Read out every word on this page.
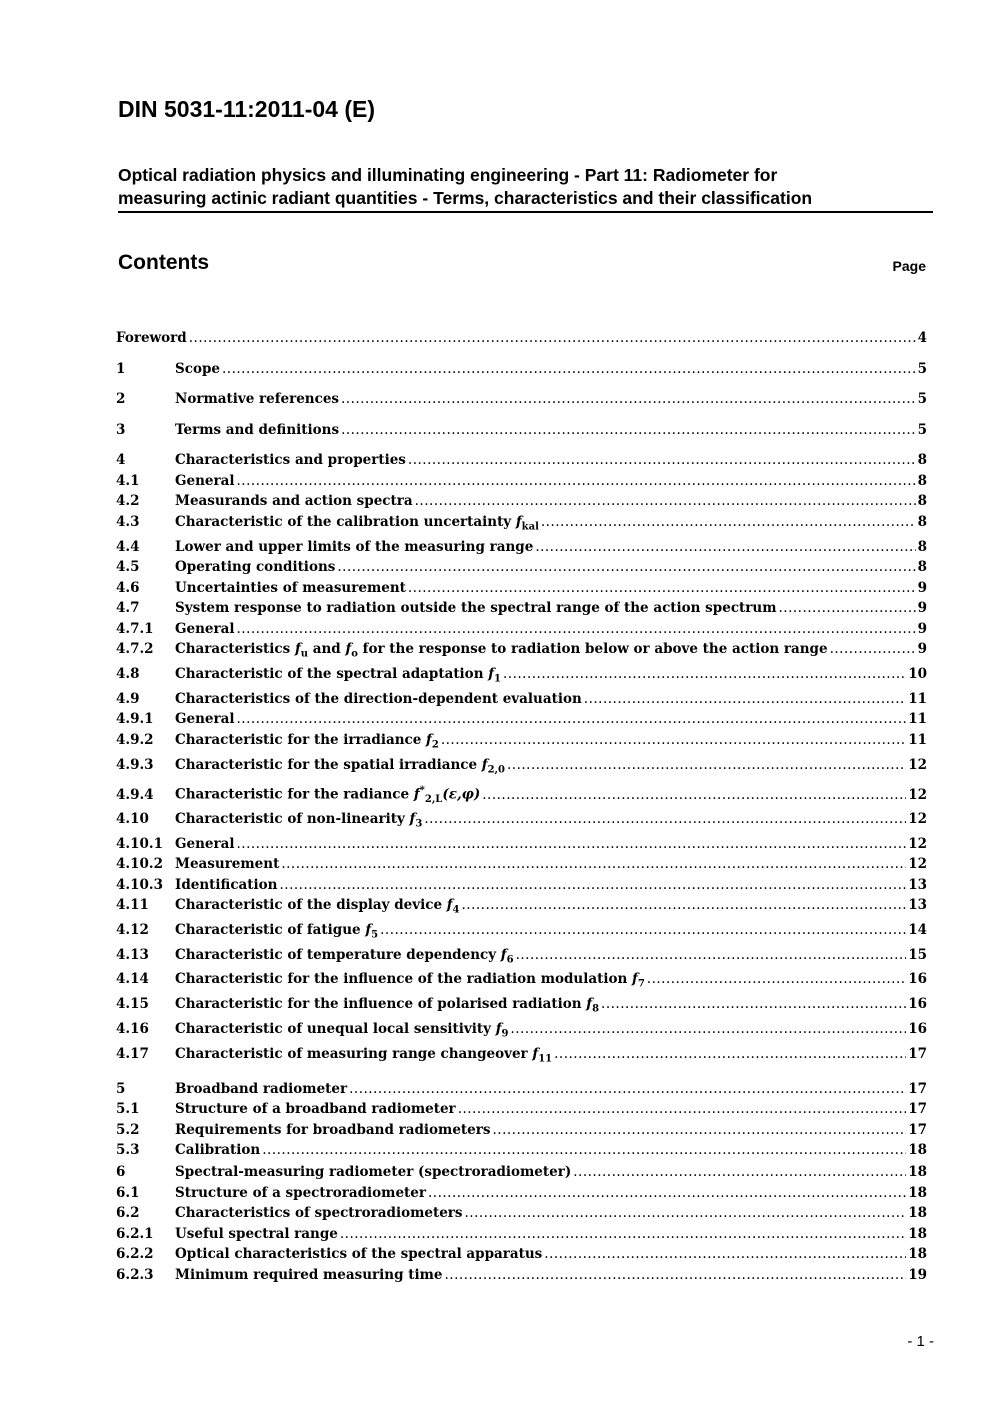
DIN 5031-11:2011-04 (E)
Optical radiation physics and illuminating engineering - Part 11: Radiometer for
measuring actinic radiant quantities - Terms, characteristics and their classification
Contents	Page
Foreword .....	4
1	Scope .....	5
2	Normative references .....	5
3	Terms and definitions .....	5
4	Characteristics and properties .....	8
4.1	General .....	8
4.2	Measurands and action spectra .....	8
4.3	Characteristic of the calibration uncertainty $f_{kal}$ .....	8
4.4	Lower and upper limits of the measuring range .....	8
4.5	Operating conditions .....	8
4.6	Uncertainties of measurement .....	9
4.7	System response to radiation outside the spectral range of the action spectrum .....	9
4.7.1	General .....	9
4.7.2	Characteristics $f_u$ and $f_o$ for the response to radiation below or above the action range .....	9
4.8	Characteristic of the spectral adaptation $f_1$ .....	10
4.9	Characteristics of the direction-dependent evaluation .....	11
4.9.1	General .....	11
4.9.2	Characteristic for the irradiance $f_2$ .....	11
4.9.3	Characteristic for the spatial irradiance $f_{2,0}$ .....	12
4.9.4	Characteristic for the radiance $f^*_{2,L}(\varepsilon,\varphi)$ .....	12
4.10	Characteristic of non-linearity $f_3$ .....	12
4.10.1 General .....	12
4.10.2 Measurement .....	12
4.10.3 Identification .....	13
4.11	Characteristic of the display device $f_4$ .....	13
4.12	Characteristic of fatigue $f_5$ .....	14
4.13	Characteristic of temperature dependency $f_6$ .....	15
4.14	Characteristic for the influence of the radiation modulation $f_7$ .....	16
4.15	Characteristic for the influence of polarised radiation $f_8$ .....	16
4.16	Characteristic of unequal local sensitivity $f_9$ .....	16
4.17	Characteristic of measuring range changeover $f_{11}$ .....	17
5	Broadband radiometer .....	17
5.1	Structure of a broadband radiometer .....	17
5.2	Requirements for broadband radiometers .....	17
5.3	Calibration .....	18
6	Spectral-measuring radiometer (spectroradiometer) .....	18
6.1	Structure of a spectroradiometer .....	18
6.2	Characteristics of spectroradiometers .....	18
6.2.1	Useful spectral range .....	18
6.2.2	Optical characteristics of the spectral apparatus .....	18
6.2.3	Minimum required measuring time .....	19
- 1 -
